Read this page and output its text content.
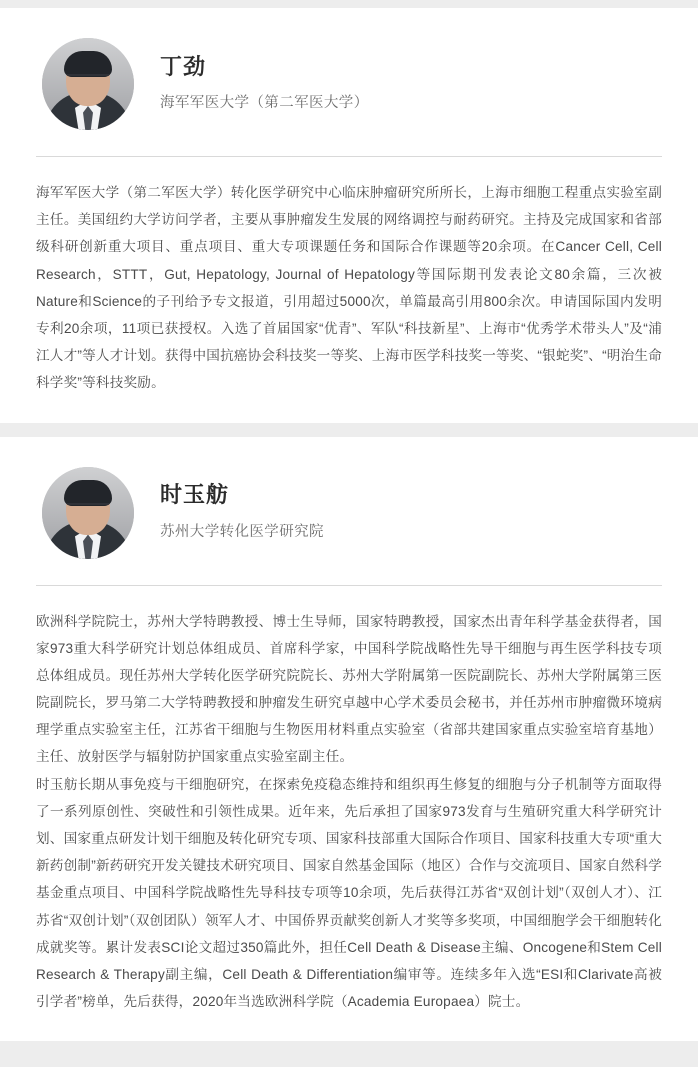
丁劲
海军军医大学（第二军医大学）

海军军医大学（第二军医大学）转化医学研究中心临床肿瘤研究所所长，上海市细胞工程重点实验室副主任。美国纽约大学访问学者，主要从事肿瘤发生发展的网络调控与耐药研究。主持及完成国家和省部级科研创新重大项目、重点项目、重大专项课题任务和国际合作课题等20余项。在Cancer Cell, Cell Research，STTT，Gut, Hepatology, Journal of Hepatology等国际期刊发表论文80余篇，三次被Nature和Science的子刊给予专文报道，引用超过5000次，单篇最高引用800余次。申请国际国内发明专利20余项，11项已获授权。入选了首届国家“优青”、军队“科技新星”、上海市“优秀学术带头人”及“浦江人才”等人才计划。获得中国抗癌协会科技奖一等奖、上海市医学科技奖一等奖、“银蛇奖”、“明治生命科学奖”等科技奖励。

时玉舫
苏州大学转化医学研究院

欧洲科学院院士，苏州大学特聘教授、博士生导师，国家特聘教授，国家杰出青年科学基金获得者，国家973重大科学研究计划总体组成员、首席科学家，中国科学院战略性先导干细胞与再生医学科技专项总体组成员。现任苏州大学转化医学研究院院长、苏州大学附属第一医院副院长、苏州大学附属第三医院副院长，罗马第二大学特聘教授和肿瘤发生研究卓越中心学术委员会秘书，并任苏州市肿瘤微环境病理学重点实验室主任，江苏省干细胞与生物医用材料重点实验室（省部共建国家重点实验室培育基地）主任、放射医学与辐射防护国家重点实验室副主任。

时玉舫长期从事免疫与干细胞研究，在探索免疫稳态维持和组织再生修复的细胞与分子机制等方面取得了一系列原创性、突破性和引领性成果。近年来，先后承担了国家973发育与生殖研究重大科学研究计划、国家重点研发计划干细胞及转化研究专项、国家科技部重大国际合作项目、国家科技重大专项“重大新药创制”新药研究开发关键技术研究项目、国家自然基金国际（地区）合作与交流项目、国家自然科学基金重点项目、中国科学院战略性先导科技专项等10余项，先后获得江苏省“双创计划”（双创人才）、江苏省“双创计划”（双创团队）领军人才、中国侨界贡献奖创新人才奖等多奖项，中国细胞学会干细胞转化成就奖等。累计发表SCI论文超过350篇此外，担任Cell Death & Disease主编、Oncogene和Stem Cell Research & Therapy副主编，Cell Death & Differentiation编审等。连续多年入选“ESI和Clarivate高被引学者”榜单，先后获得，2020年当选欧洲科学院（Academia Europaea）院士。
